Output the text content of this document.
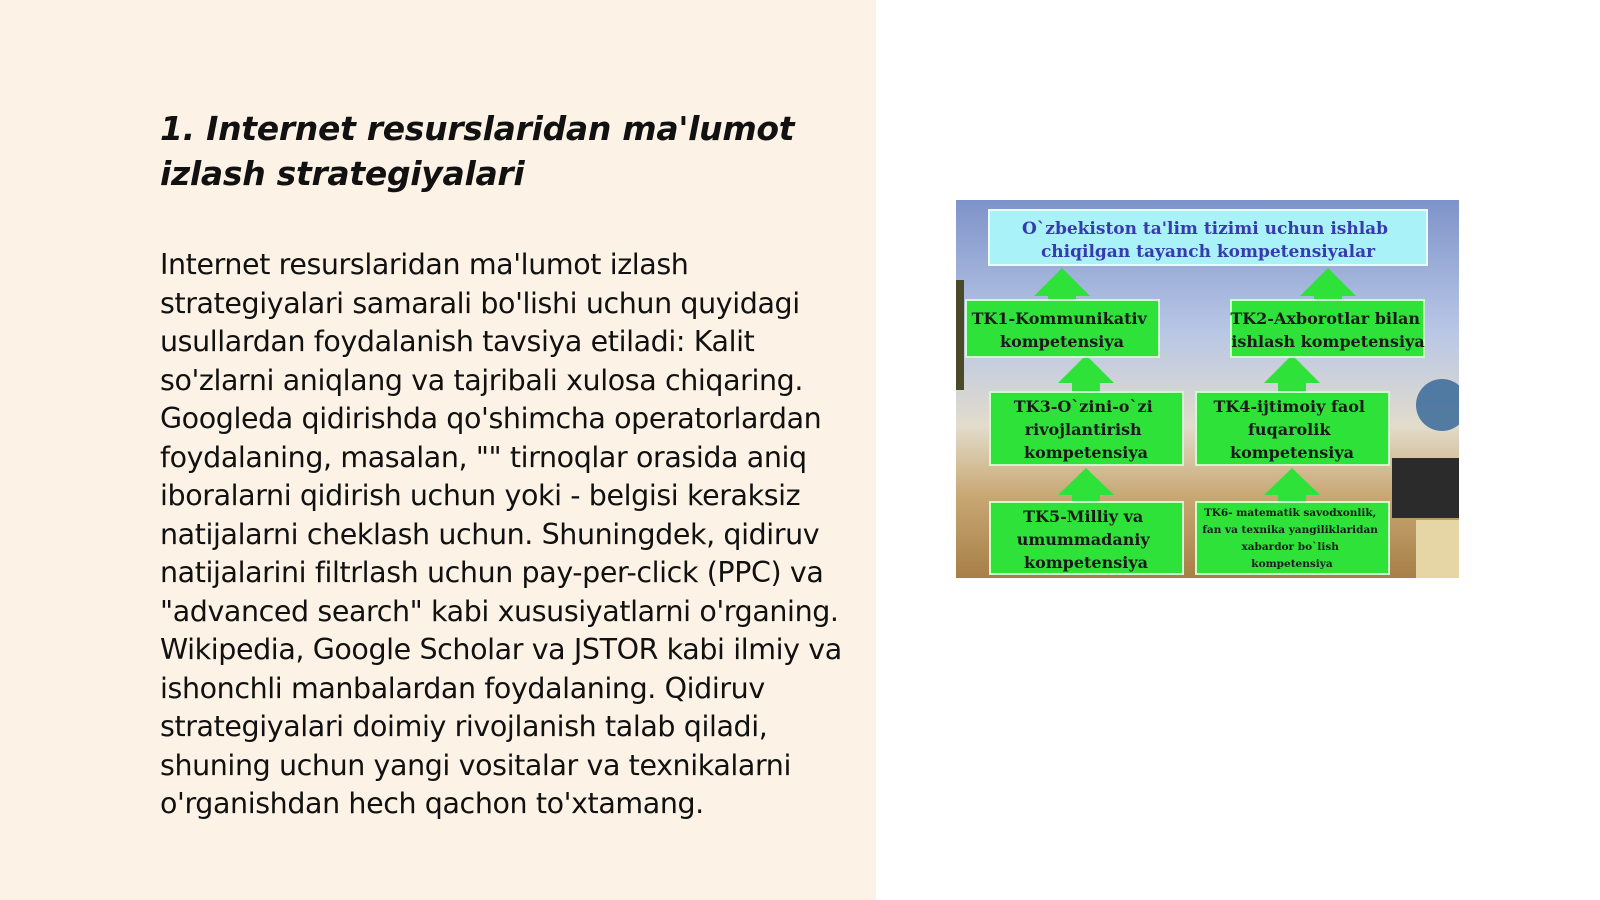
1. Internet resurslaridan ma'lumot izlash strategiyalari

Internet resurslaridan ma'lumot izlash strategiyalari samarali bo'lishi uchun quyidagi usullardan foydalanish tavsiya etiladi: Kalit so'zlarni aniqlang va tajribali xulosa chiqaring. Googleda qidirishda qo'shimcha operatorlardan foydalaning, masalan, "" tirnoqlar orasida aniq iboralarni qidirish uchun yoki - belgisi keraksiz natijalarni cheklash uchun. Shuningdek, qidiruv natijalarini filtrlash uchun pay-per-click (PPC) va "advanced search" kabi xususiyatlarni o'rganing. Wikipedia, Google Scholar va JSTOR kabi ilmiy va ishonchli manbalardan foydalaning. Qidiruv strategiyalari doimiy rivojlanish talab qiladi, shuning uchun yangi vositalar va texnikalarni o'rganishdan hech qachon to'xtamang.

O`zbekiston ta'lim tizimi uchun ishlab chiqilgan tayanch kompetensiyalar
TK1-Kommunikativ kompetensiya
TK2-Axborotlar bilan ishlash kompetensiya
TK3-O`zini-o`zi rivojlantirish kompetensiya
TK4-ijtimoiy faol fuqarolik kompetensiya
TK5-Milliy va umummadaniy kompetensiya
TK6- matematik savodxonlik, fan va texnika yangiliklaridan xabardor bo`lish kompetensiya
